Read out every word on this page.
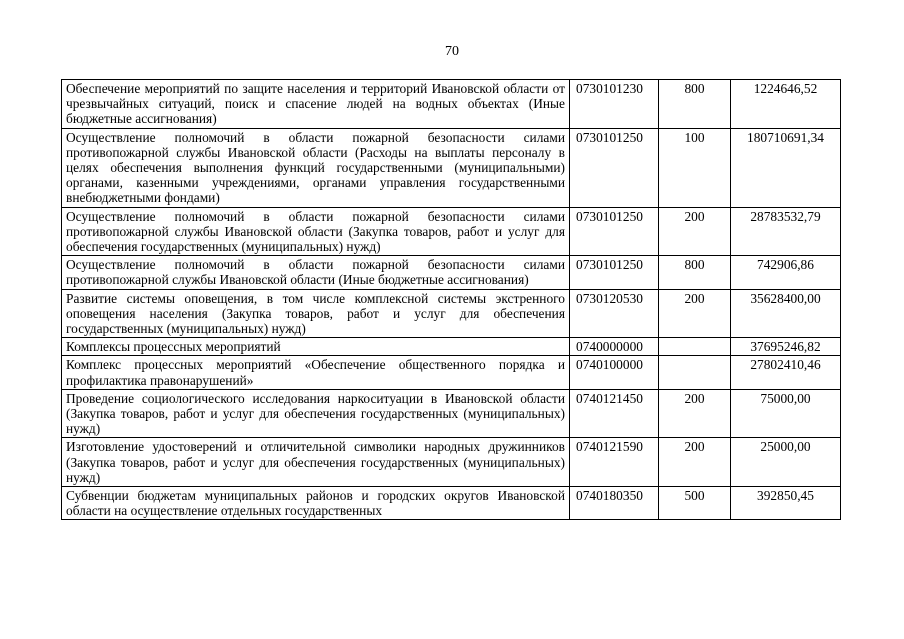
70
Обеспечение мероприятий по защите населения и территорий Ивановской области от чрезвычайных ситуаций, поиск и спасение людей на водных объектах (Иные бюджетные ассигнования)	0730101230	800	1224646,52
Осуществление полномочий в области пожарной безопасности силами противопожарной службы Ивановской области (Расходы на выплаты персоналу в целях обеспечения выполнения функций государственными (муниципальными) органами, казенными учреждениями, органами управления государственными внебюджетными фондами)	0730101250	100	180710691,34
Осуществление полномочий в области пожарной безопасности силами противопожарной службы Ивановской области (Закупка товаров, работ и услуг для обеспечения государственных (муниципальных) нужд)	0730101250	200	28783532,79
Осуществление полномочий в области пожарной безопасности силами противопожарной службы Ивановской области (Иные бюджетные ассигнования)	0730101250	800	742906,86
Развитие системы оповещения, в том числе комплексной системы экстренного оповещения населения (Закупка товаров, работ и услуг для обеспечения государственных (муниципальных) нужд)	0730120530	200	35628400,00
Комплексы процессных мероприятий	0740000000		37695246,82
Комплекс процессных мероприятий «Обеспечение общественного порядка и профилактика правонарушений»	0740100000		27802410,46
Проведение социологического исследования наркоситуации в Ивановской области (Закупка товаров, работ и услуг для обеспечения государственных (муниципальных) нужд)	0740121450	200	75000,00
Изготовление удостоверений и отличительной символики народных дружинников (Закупка товаров, работ и услуг для обеспечения государственных (муниципальных) нужд)	0740121590	200	25000,00

Субвенции бюджетам муниципальных районов и городских округов Ивановской области на осуществление отдельных государственных	0740180350	500	392850,45
